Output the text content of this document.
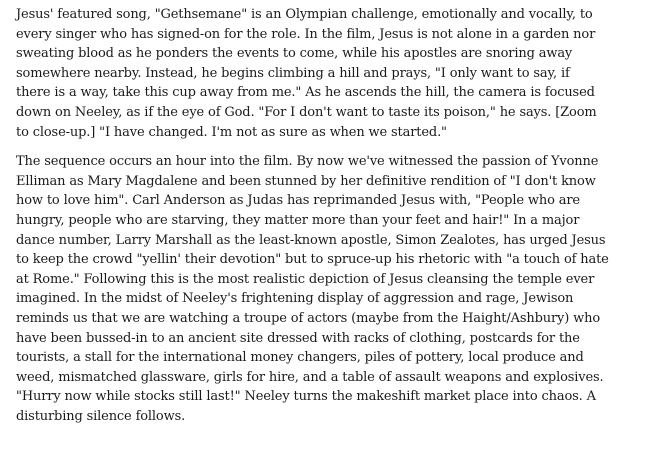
Jesus' featured song, "Gethsemane" is an Olympian challenge, emotionally and vocally, to
every singer who has signed-on for the role. In the film, Jesus is not alone in a garden nor
sweating blood as he ponders the events to come, while his apostles are snoring away
somewhere nearby. Instead, he begins climbing a hill and prays, "I only want to say, if
there is a way, take this cup away from me." As he ascends the hill, the camera is focused
down on Neeley, as if the eye of God. "For I don't want to taste its poison," he says. [Zoom
to close-up.] "I have changed. I'm not as sure as when we started."

The sequence occurs an hour into the film. By now we've witnessed the passion of Yvonne
Elliman as Mary Magdalene and been stunned by her definitive rendition of "I don't know
how to love him". Carl Anderson as Judas has reprimanded Jesus with, "People who are
hungry, people who are starving, they matter more than your feet and hair!" In a major
dance number, Larry Marshall as the least-known apostle, Simon Zealotes, has urged Jesus
to keep the crowd "yellin' their devotion" but to spruce-up his rhetoric with "a touch of hate
at Rome." Following this is the most realistic depiction of Jesus cleansing the temple ever
imagined. In the midst of Neeley's frightening display of aggression and rage, Jewison
reminds us that we are watching a troupe of actors (maybe from the Haight/Ashbury) who
have been bussed-in to an ancient site dressed with racks of clothing, postcards for the
tourists, a stall for the international money changers, piles of pottery, local produce and
weed, mismatched glassware, girls for hire, and a table of assault weapons and explosives.
"Hurry now while stocks still last!" Neeley turns the makeshift market place into chaos. A
disturbing silence follows.
